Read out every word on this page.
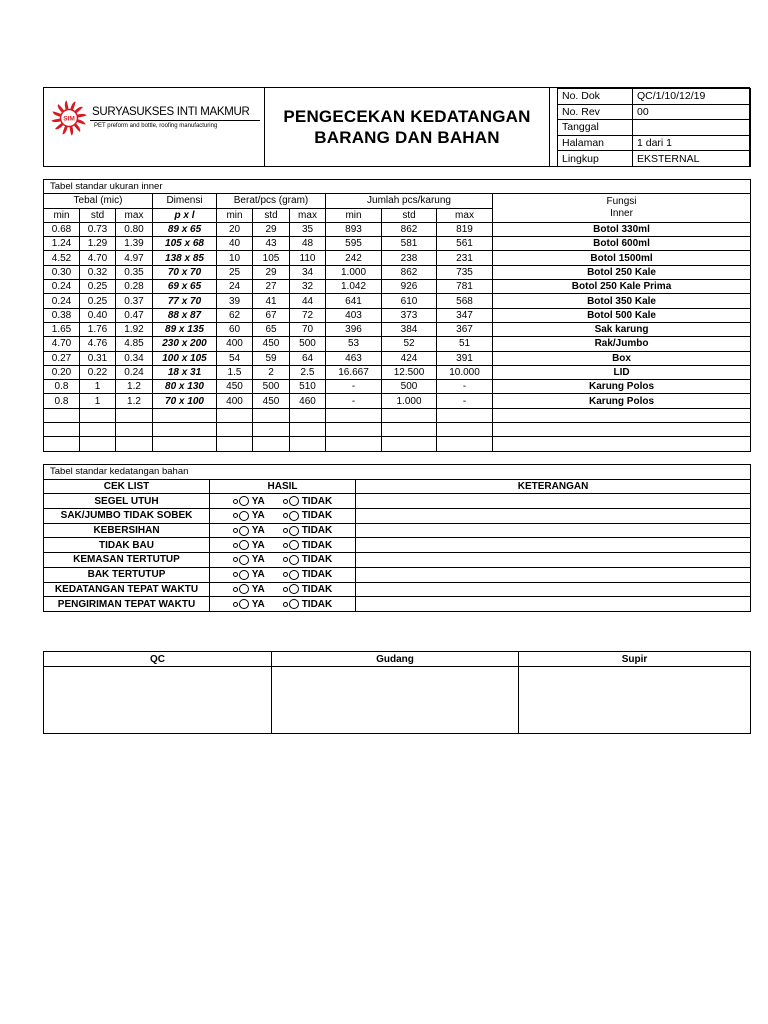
SIM
SURYASUKSES INTI MAKMUR
PET preform and bottle, roofing manufacturing	PENGECEKAN KEDATANGAN
BARANG DAN BAHAN
No. Dok	QC/1/10/12/19
No. Rev	00
Tanggal	
Halaman	1 dari 1
Lingkup	EKSTERNAL
Tabel standar ukuran inner										
Tebal (mic)			Dimensi	Berat/pcs (gram)			Jumlah pcs/karung			Fungsi
Inner

min	std	max	p x l	min	std	max	min	std	max	
0.68	0.73	0.80	89 x 65	20	29	35	893	862	819	Botol 330ml
1.24	1.29	1.39	105 x 68	40	43	48	595	581	561	Botol 600ml
4.52	4.70	4.97	138 x 85	10	105	110	242	238	231	Botol 1500ml
0.30	0.32	0.35	70 x 70	25	29	34	1.000	862	735	Botol 250 Kale
0.24	0.25	0.28	69 x 65	24	27	32	1.042	926	781	Botol 250 Kale Prima
0.24	0.25	0.37	77 x 70	39	41	44	641	610	568	Botol 350 Kale
0.38	0.40	0.47	88 x 87	62	67	72	403	373	347	Botol 500 Kale
1.65	1.76	1.92	89 x 135	60	65	70	396	384	367	Sak karung
4.70	4.76	4.85	230 x 200	400	450	500	53	52	51	Rak/Jumbo
0.27	0.31	0.34	100 x 105	54	59	64	463	424	391	Box
0.20	0.22	0.24	18 x 31	1.5	2	2.5	16.667	12.500	10.000	LID
0.8	1	1.2	80 x 130	450	500	510	-	500	-	Karung Polos
0.8	1	1.2	70 x 100	400	450	460	-	1.000	-	Karung Polos

Tabel standar kedatangan bahan		
CEK LIST	HASIL	KETERANGAN
SEGEL UTUH	YA TIDAK	

SAK/JUMBO TIDAK SOBEK	YA TIDAK	

KEBERSIHAN	YA TIDAK	

TIDAK BAU	YA TIDAK	

KEMASAN TERTUTUP	YA TIDAK	

BAK TERTUTUP	YA TIDAK	

KEDATANGAN TEPAT WAKTU	YA TIDAK	

PENGIRIMAN TEPAT WAKTU	YA TIDAK	

QC	Gudang	Supir
